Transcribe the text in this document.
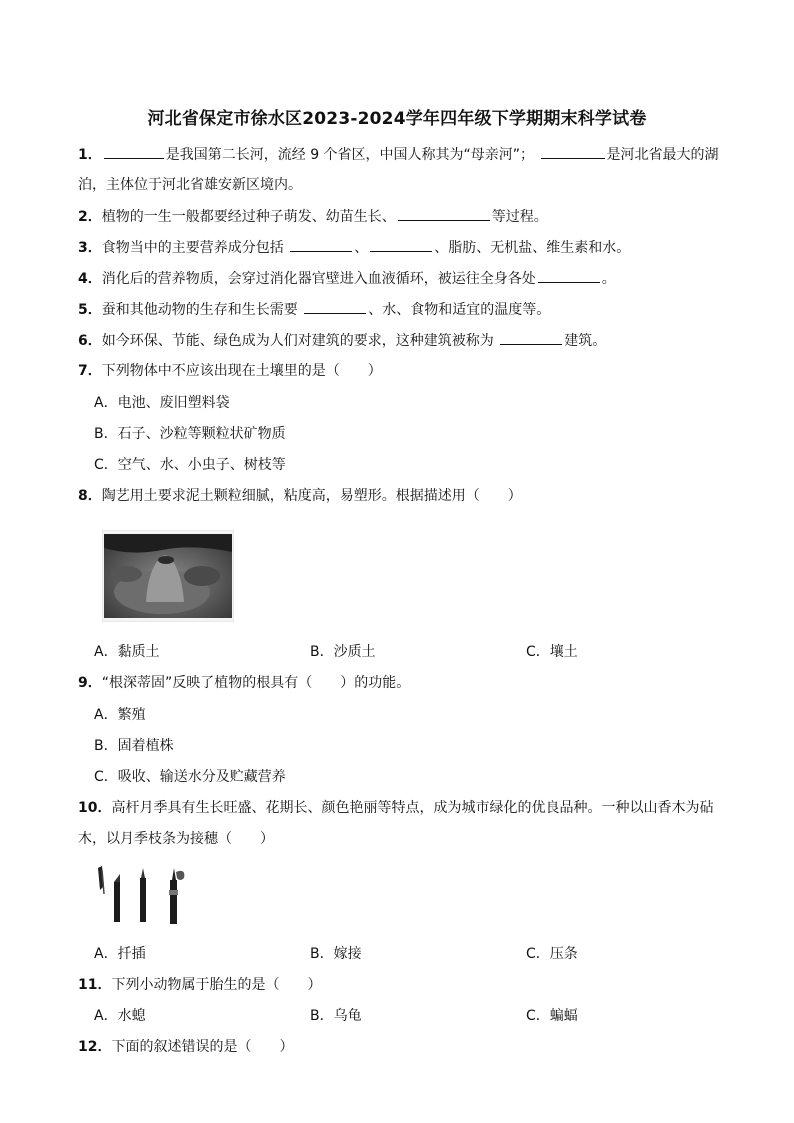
河北省保定市徐水区2023-2024学年四年级下学期期末科学试卷
1．	是我国第二长河，流经 9 个省区，中国人称其为“母亲河”；	是河北省最大的湖
泊，主体位于河北省雄安新区境内。
2．植物的一生一般都要经过种子萌发、幼苗生长、	等过程。
3．食物当中的主要营养成分包括	、	、脂肪、无机盐、维生素和水。
4．消化后的营养物质，会穿过消化器官壁进入血液循环，被运往全身各处	。
5．蚕和其他动物的生存和生长需要	、水、食物和适宜的温度等。
6．如今环保、节能、绿色成为人们对建筑的要求，这种建筑被称为	建筑。
7．下列物体中不应该出现在土壤里的是（　　）
A．电池、废旧塑料袋
B．石子、沙粒等颗粒状矿物质
C．空气、水、小虫子、树枝等
8．陶艺用土要求泥土颗粒细腻，粘度高，易塑形。根据描述用（　　）
A．黏质土	B．沙质土	C．壤土
9．“根深蒂固”反映了植物的根具有（　　）的功能。
A．繁殖
B．固着植株
C．吸收、输送水分及贮藏营养
10．高杆月季具有生长旺盛、花期长、颜色艳丽等特点，成为城市绿化的优良品种。一种以山香木为砧
木，以月季枝条为接穗（　　）
A．扦插	B．嫁接	C．压条
11．下列小动物属于胎生的是（　　）
A．水螅	B．乌龟	C．蝙蝠
12．下面的叙述错误的是（　　）
